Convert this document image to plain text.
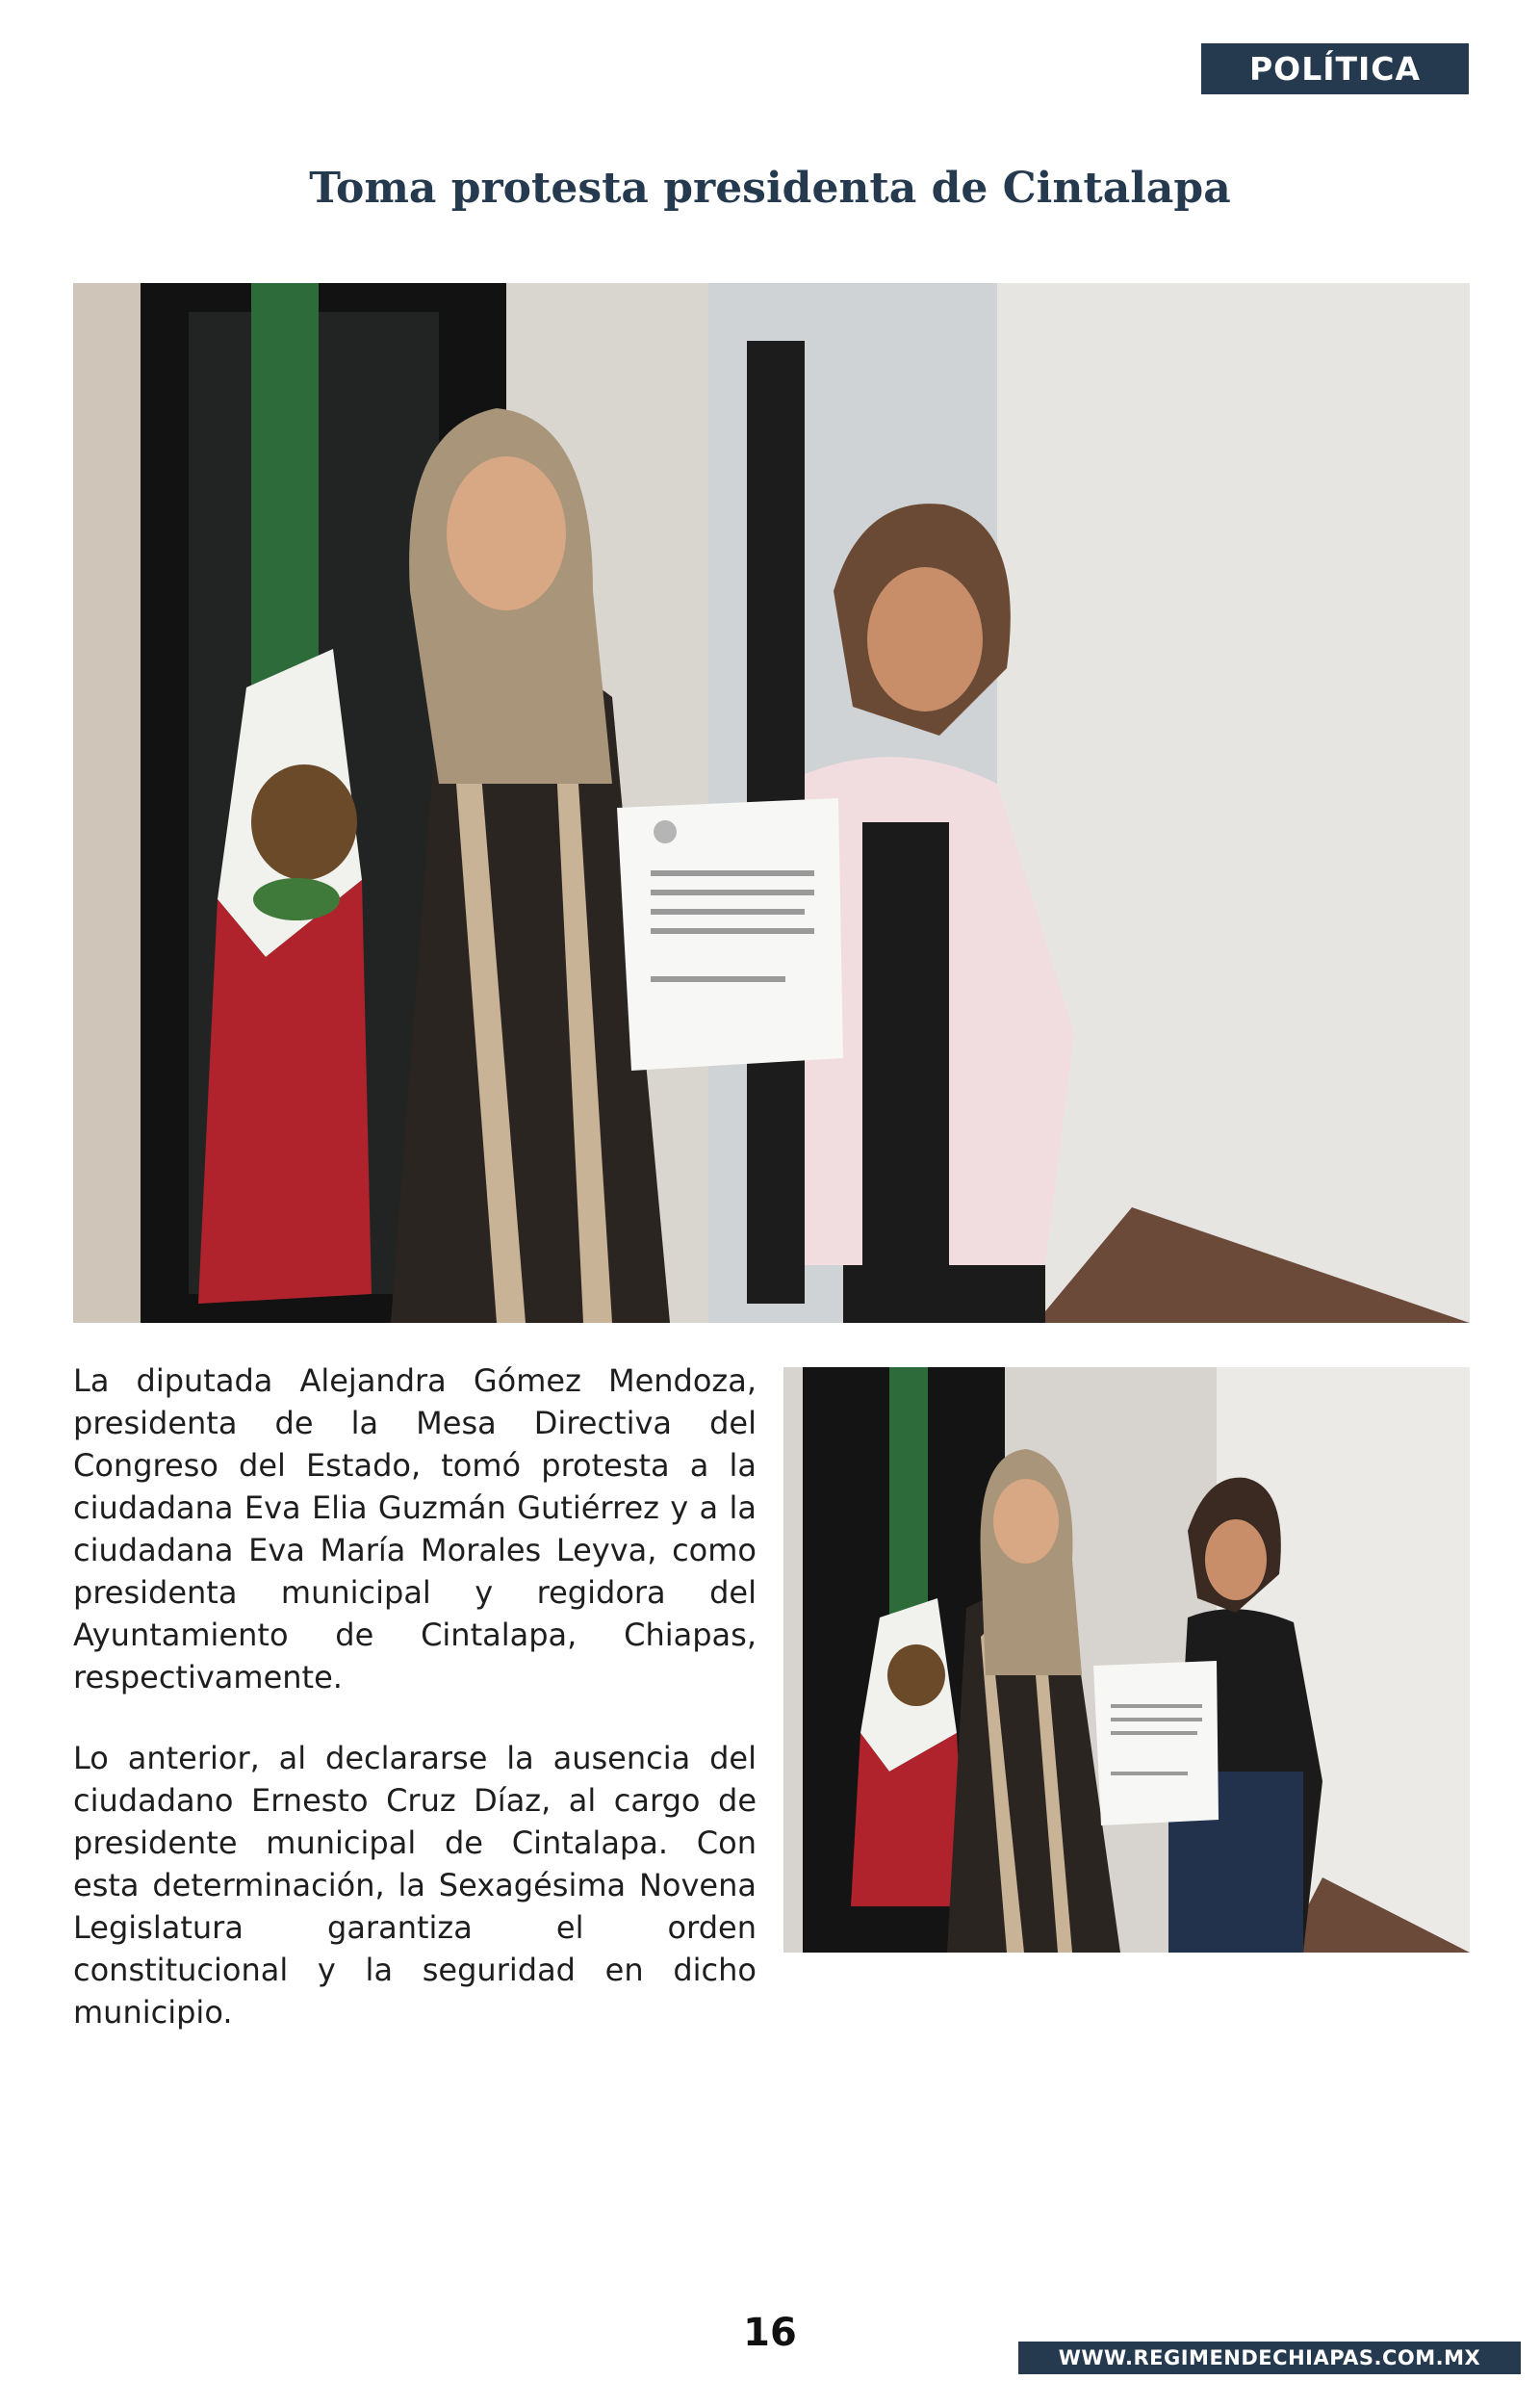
POLÍTICA
Toma protesta presidenta de Cintalapa

La diputada Alejandra Gómez Mendoza, presidenta de la Mesa Directiva del Congreso del Estado, tomó protesta a la ciudadana Eva Elia Guzmán Gutiérrez y a la ciudadana Eva María Morales Leyva, como presidenta municipal y regidora del Ayuntamiento de Cintalapa, Chiapas, respectivamente.

Lo anterior, al declararse la ausencia del ciudadano Ernesto Cruz Díaz, al cargo de presidente municipal de Cintalapa. Con esta determinación, la Sexagésima Novena Legislatura garantiza el orden constitucional y la seguridad en dicho municipio.

16
WWW.REGIMENDECHIAPAS.COM.MX
